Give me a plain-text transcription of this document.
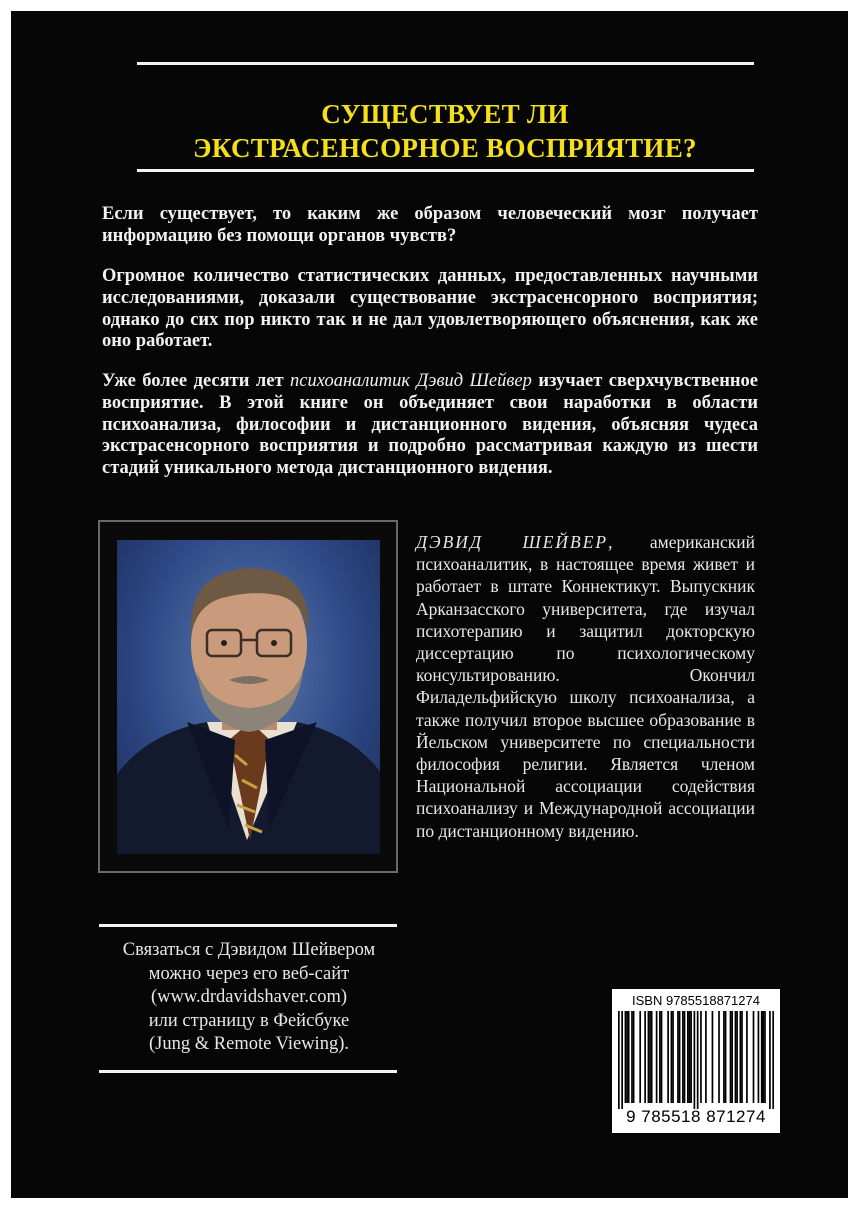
СУЩЕСТВУЕТ ЛИ
ЭКСТРАСЕНСОРНОЕ ВОСПРИЯТИЕ?

Если существует, то каким же образом человеческий мозг получает информацию без помощи органов чувств?

Огромное количество статистических данных, предоставленных научными исследованиями, доказали существование экстрасенсорного восприятия; однако до сих пор никто так и не дал удовлетворяющего объяснения, как же оно работает.

Уже более десяти лет психоаналитик Дэвид Шейвер изучает сверхчувственное восприятие. В этой книге он объединяет свои наработки в области психоанализа, философии и дистанционного видения, объясняя чудеса экстрасенсорного восприятия и подробно рассматривая каждую из шести стадий уникального метода дистанционного видения.

ДЭВИД ШЕЙВЕР, американский психоаналитик, в настоящее время живет и работает в штате Коннектикут. Выпускник Арканзасского университета, где изучал психотерапию и защитил докторскую диссертацию по психологическому консультированию. Окончил Филадельфийскую школу психоанализа, а также получил второе высшее образование в Йельском университете по специальности философия религии. Является членом Национальной ассоциации содействия психоанализу и Международной ассоциации по дистанционному видению.

Связаться с Дэвидом Шейвером
можно через его веб-сайт
(www.drdavidshaver.com)
или страницу в Фейсбуке
(Jung & Remote Viewing).
ISBN 9785518871274
9 785518 871274
